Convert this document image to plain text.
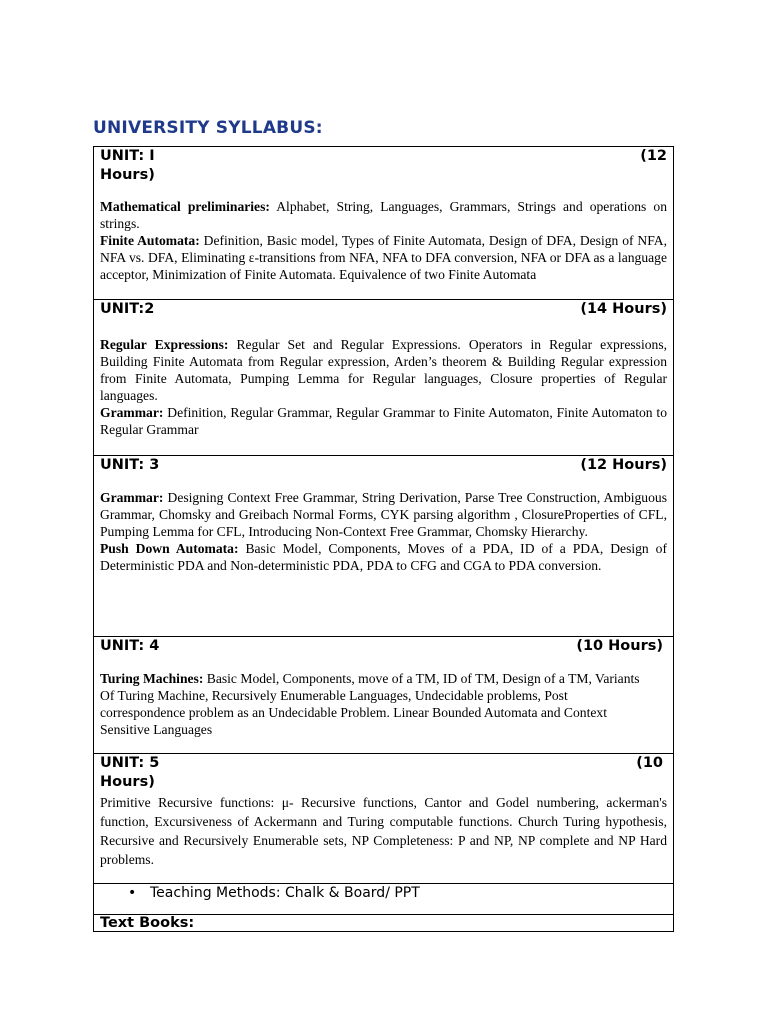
UNIVERSITY SYLLABUS:
UNIT: I	(12
Hours)

Mathematical preliminaries: Alphabet, String, Languages, Grammars, Strings and operations on strings.

Finite Automata: Definition, Basic model, Types of Finite Automata, Design of DFA, Design of NFA, NFA vs. DFA, Eliminating ε-transitions from NFA, NFA to DFA conversion, NFA or DFA as a language acceptor, Minimization of Finite Automata. Equivalence of two Finite Automata

UNIT:2	(14 Hours)

Regular Expressions: Regular Set and Regular Expressions. Operators in Regular expressions, Building Finite Automata from Regular expression, Arden’s theorem & Building Regular expression from Finite Automata, Pumping Lemma for Regular languages, Closure properties of Regular languages.

Grammar: Definition, Regular Grammar, Regular Grammar to Finite Automaton, Finite Automaton to Regular Grammar

UNIT: 3	(12 Hours)

Grammar: Designing Context Free Grammar, String Derivation, Parse Tree Construction, Ambiguous Grammar, Chomsky and Greibach Normal Forms, CYK parsing algorithm , ClosureProperties of CFL, Pumping Lemma for CFL, Introducing Non-Context Free Grammar, Chomsky Hierarchy.

Push Down Automata: Basic Model, Components, Moves of a PDA, ID of a PDA, Design of Deterministic PDA and Non-deterministic PDA, PDA to CFG and CGA to PDA conversion.

UNIT: 4	(10 Hours)

Turing Machines: Basic Model, Components, move of a TM, ID of TM, Design of a TM, Variants Of Turing Machine, Recursively Enumerable Languages, Undecidable problems, Post correspondence problem as an Undecidable Problem. Linear Bounded Automata and Context Sensitive Languages

UNIT: 5	(10
Hours)

Primitive Recursive functions: μ- Recursive functions, Cantor and Godel numbering, ackerman's function, Excursiveness of Ackermann and Turing computable functions. Church Turing hypothesis, Recursive and Recursively Enumerable sets, NP Completeness: P and NP, NP complete and NP Hard problems.

• Teaching Methods: Chalk & Board/ PPT
Text Books:
